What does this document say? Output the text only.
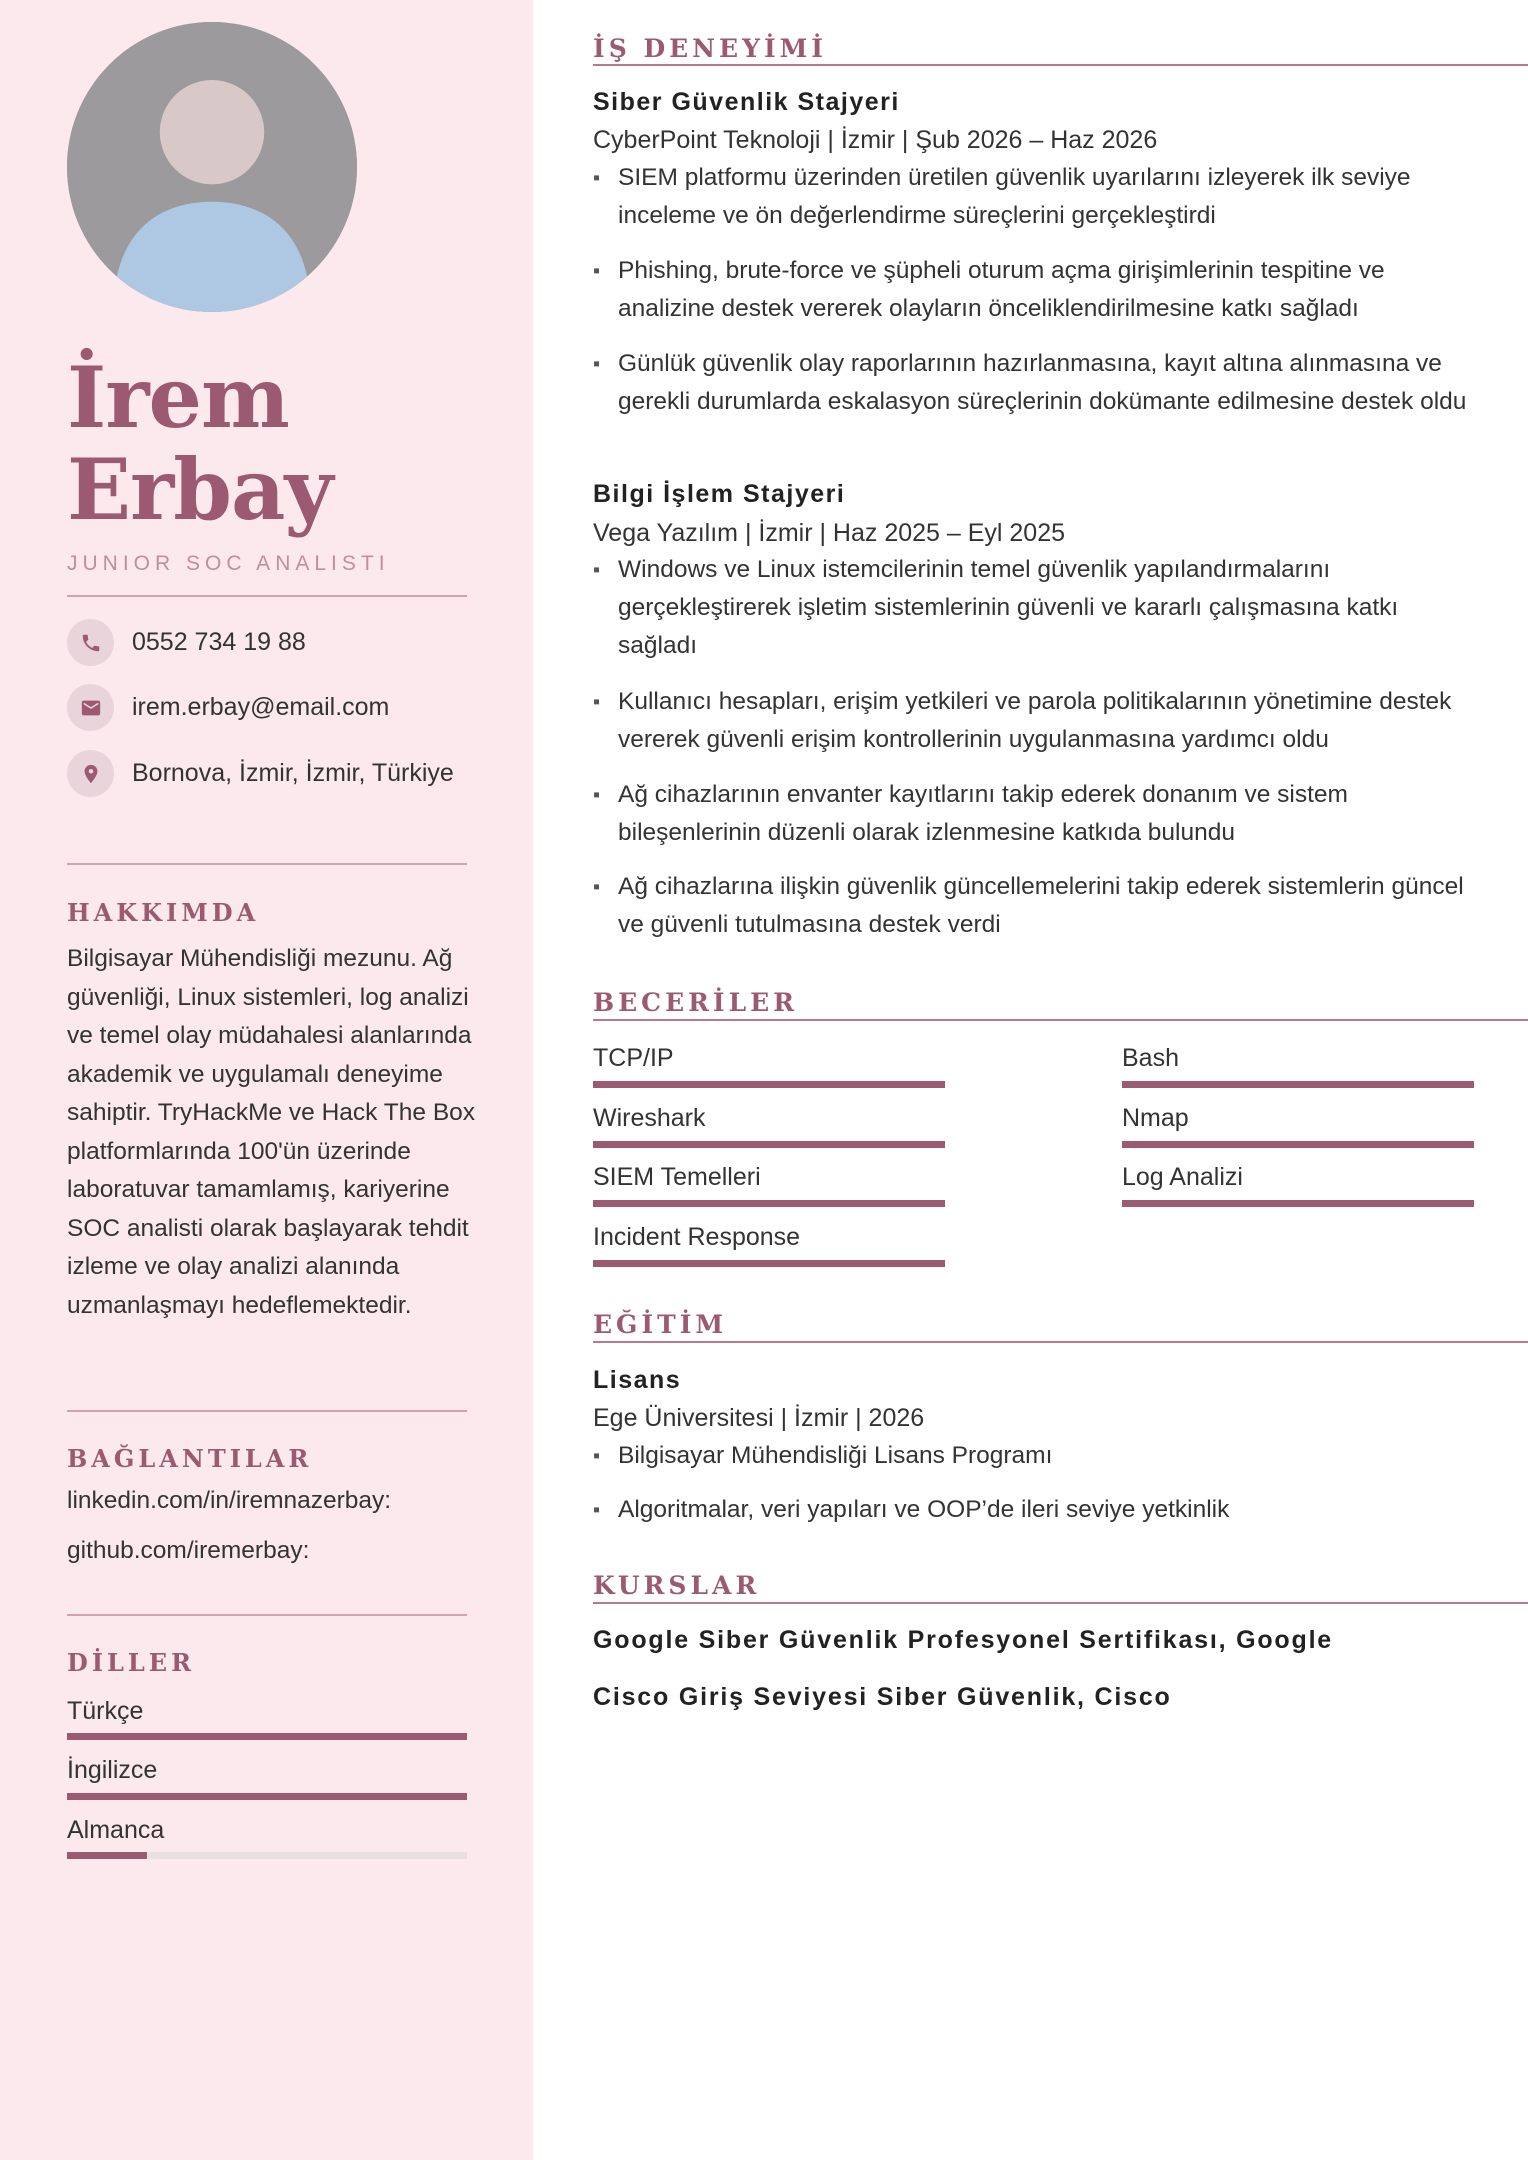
İrem
Erbay
JUNIOR SOC ANALISTI
0552 734 19 88
irem.erbay@email.com
Bornova, İzmir, İzmir, Türkiye
HAKKIMDA
Bilgisayar Mühendisliği mezunu. Ağ güvenliği, Linux sistemleri, log analizi ve temel olay müdahalesi alanlarında akademik ve uygulamalı deneyime sahiptir. TryHackMe ve Hack The Box platformlarında 100'ün üzerinde laboratuvar tamamlamış, kariyerine SOC analisti olarak başlayarak tehdit izleme ve olay analizi alanında uzmanlaşmayı hedeflemektedir.
BAĞLANTILAR
linkedin.com/in/iremnazerbay:
github.com/iremerbay:
DİLLER
Türkçe
İngilizce
Almanca
İŞ DENEYİMİ
Siber Güvenlik Stajyeri
CyberPoint Teknoloji | İzmir | Şub 2026 – Haz 2026
▪ SIEM platformu üzerinden üretilen güvenlik uyarılarını izleyerek ilk seviye inceleme ve ön değerlendirme süreçlerini gerçekleştirdi
▪ Phishing, brute-force ve şüpheli oturum açma girişimlerinin tespitine ve analizine destek vererek olayların önceliklendirilmesine katkı sağladı
▪ Günlük güvenlik olay raporlarının hazırlanmasına, kayıt altına alınmasına ve gerekli durumlarda eskalasyon süreçlerinin dokümante edilmesine destek oldu
Bilgi İşlem Stajyeri
Vega Yazılım | İzmir | Haz 2025 – Eyl 2025
▪ Windows ve Linux istemcilerinin temel güvenlik yapılandırmalarını gerçekleştirerek işletim sistemlerinin güvenli ve kararlı çalışmasına katkı sağladı
▪ Kullanıcı hesapları, erişim yetkileri ve parola politikalarının yönetimine destek vererek güvenli erişim kontrollerinin uygulanmasına yardımcı oldu
▪ Ağ cihazlarının envanter kayıtlarını takip ederek donanım ve sistem bileşenlerinin düzenli olarak izlenmesine katkıda bulundu
▪ Ağ cihazlarına ilişkin güvenlik güncellemelerini takip ederek sistemlerin güncel ve güvenli tutulmasına destek verdi
BECERİLER
TCP/IP	Bash
Wireshark	Nmap
SIEM Temelleri	Log Analizi
Incident Response
EĞİTİM
Lisans
Ege Üniversitesi | İzmir | 2026
▪ Bilgisayar Mühendisliği Lisans Programı
▪ Algoritmalar, veri yapıları ve OOP’de ileri seviye yetkinlik
KURSLAR
Google Siber Güvenlik Profesyonel Sertifikası, Google
Cisco Giriş Seviyesi Siber Güvenlik, Cisco
